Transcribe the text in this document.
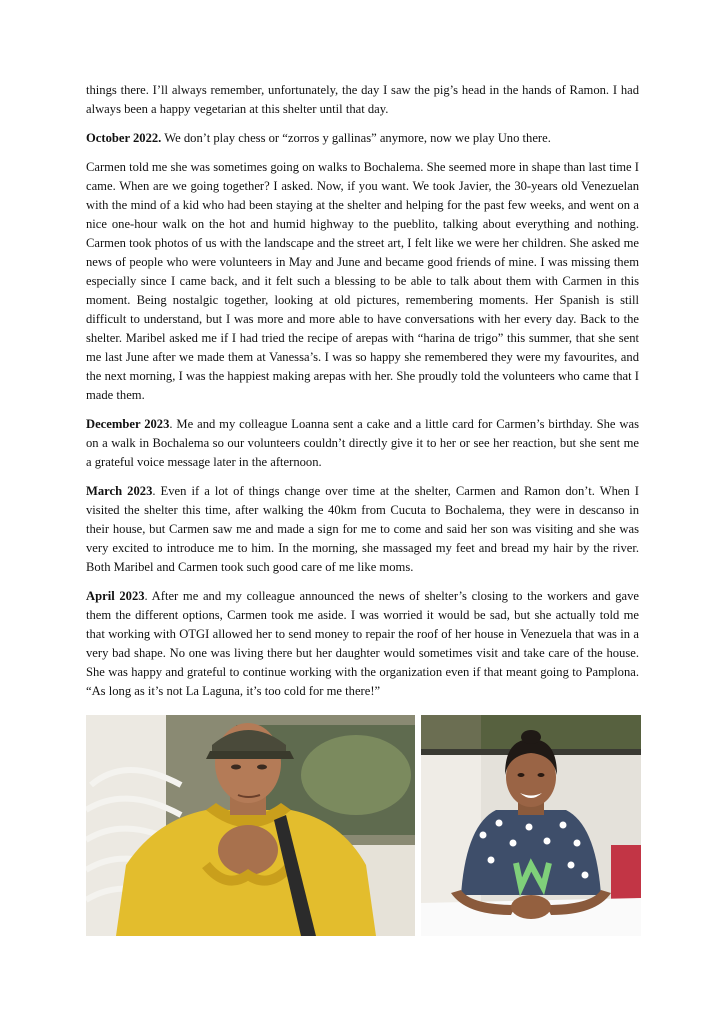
things there. I’ll always remember, unfortunately, the day I saw the pig’s head in the hands of Ramon. I had always been a happy vegetarian at this shelter until that day.

October 2022. We don’t play chess or “zorros y gallinas” anymore, now we play Uno there.

Carmen told me she was sometimes going on walks to Bochalema. She seemed more in shape than last time I came. When are we going together? I asked. Now, if you want. We took Javier, the 30-years old Venezuelan with the mind of a kid who had been staying at the shelter and helping for the past few weeks, and went on a nice one-hour walk on the hot and humid highway to the pueblito, talking about everything and nothing. Carmen took photos of us with the landscape and the street art, I felt like we were her children. She asked me news of people who were volunteers in May and June and became good friends of mine. I was missing them especially since I came back, and it felt such a blessing to be able to talk about them with Carmen in this moment. Being nostalgic together, looking at old pictures, remembering moments. Her Spanish is still difficult to understand, but I was more and more able to have conversations with her every day. Back to the shelter. Maribel asked me if I had tried the recipe of arepas with “harina de trigo” this summer, that she sent me last June after we made them at Vanessa’s. I was so happy she remembered they were my favourites, and the next morning, I was the happiest making arepas with her. She proudly told the volunteers who came that I made them.

December 2023. Me and my colleague Loanna sent a cake and a little card for Carmen’s birthday. She was on a walk in Bochalema so our volunteers couldn’t directly give it to her or see her reaction, but she sent me a grateful voice message later in the afternoon.

March 2023. Even if a lot of things change over time at the shelter, Carmen and Ramon don’t. When I visited the shelter this time, after walking the 40km from Cucuta to Bochalema, they were in descanso in their house, but Carmen saw me and made a sign for me to come and said her son was visiting and she was very excited to introduce me to him. In the morning, she massaged my feet and bread my hair by the river. Both Maribel and Carmen took such good care of me like moms.

April 2023. After me and my colleague announced the news of shelter’s closing to the workers and gave them the different options, Carmen took me aside. I was worried it would be sad, but she actually told me that working with OTGI allowed her to send money to repair the roof of her house in Venezuela that was in a very bad shape. No one was living there but her daughter would sometimes visit and take care of the house. She was happy and grateful to continue working with the organization even if that meant going to Pamplona. “As long as it’s not La Laguna, it’s too cold for me there!”
